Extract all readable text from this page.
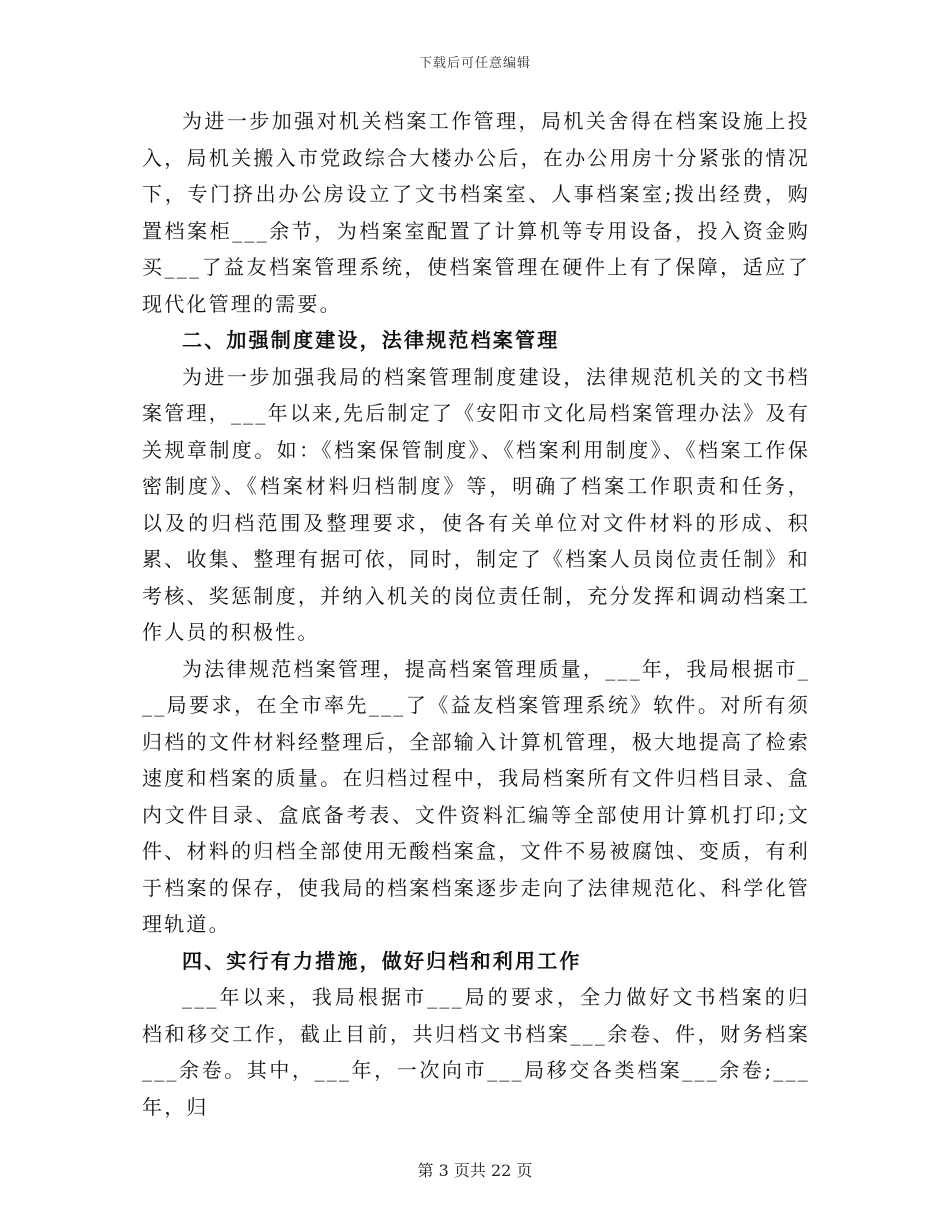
下载后可任意编辑

为进一步加强对机关档案工作管理，局机关舍得在档案设施上投入，局机关搬入市党政综合大楼办公后，在办公用房十分紧张的情况下，专门挤出办公房设立了文书档案室、人事档案室;拨出经费，购置档案柜___余节，为档案室配置了计算机等专用设备，投入资金购买___了益友档案管理系统，使档案管理在硬件上有了保障，适应了现代化管理的需要。

二、加强制度建设，法律规范档案管理

为进一步加强我局的档案管理制度建设，法律规范机关的文书档案管理，___年以来,先后制定了《安阳市文化局档案管理办法》及有关规章制度。如：《档案保管制度》、《档案利用制度》、《档案工作保密制度》、《档案材料归档制度》等，明确了档案工作职责和任务，以及的归档范围及整理要求，使各有关单位对文件材料的形成、积累、收集、整理有据可依，同时，制定了《档案人员岗位责任制》和考核、奖惩制度，并纳入机关的岗位责任制，充分发挥和调动档案工作人员的积极性。

为法律规范档案管理，提高档案管理质量，___年，我局根据市___局要求，在全市率先___了《益友档案管理系统》软件。对所有须归档的文件材料经整理后，全部输入计算机管理，极大地提高了检索速度和档案的质量。在归档过程中，我局档案所有文件归档目录、盒内文件目录、盒底备考表、文件资料汇编等全部使用计算机打印;文件、材料的归档全部使用无酸档案盒，文件不易被腐蚀、变质，有利于档案的保存，使我局的档案档案逐步走向了法律规范化、科学化管理轨道。

四、实行有力措施，做好归档和利用工作

___年以来，我局根据市___局的要求，全力做好文书档案的归档和移交工作，截止目前，共归档文书档案___余卷、件，财务档案___余卷。其中，___年，一次向市___局移交各类档案___余卷;___年，归

第 3 页共 22 页
